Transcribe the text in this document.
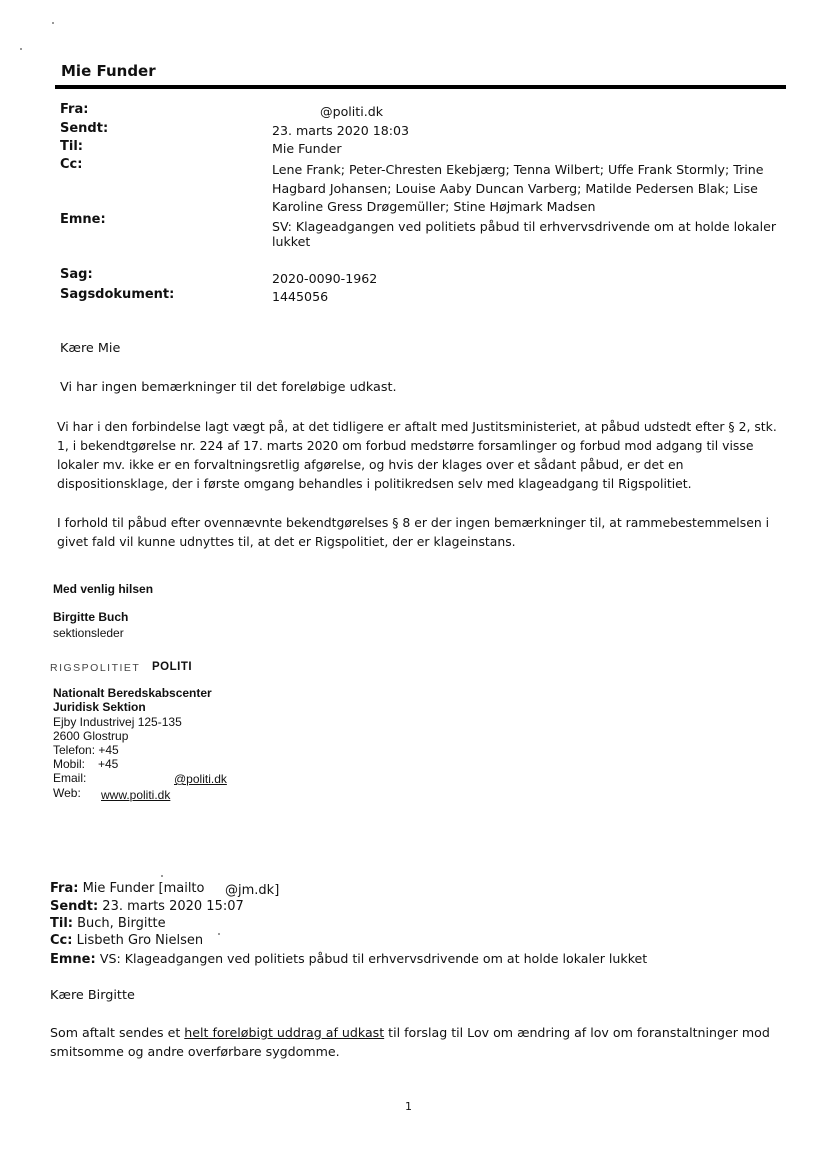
Mie Funder
Fra:	@politi.dk
Sendt:	23. marts 2020 18:03
Til:	Mie Funder
Cc:	Lene Frank; Peter-Chresten Ekebjærg; Tenna Wilbert; Uffe Frank Stormly; Trine
Hagbard Johansen; Louise Aaby Duncan Varberg; Matilde Pedersen Blak; Lise
Karoline Gress Drøgemüller; Stine Højmark Madsen
Emne:	SV: Klageadgangen ved politiets påbud til erhvervsdrivende om at holde lokaler
lukket
Sag:	2020-0090-1962
Sagsdokument:	1445056
Kære Mie
Vi har ingen bemærkninger til det foreløbige udkast.
Vi har i den forbindelse lagt vægt på, at det tidligere er aftalt med Justitsministeriet, at påbud udstedt efter § 2, stk.
1, i bekendtgørelse nr. 224 af 17. marts 2020 om forbud medstørre forsamlinger og forbud mod adgang til visse
lokaler mv. ikke er en forvaltningsretlig afgørelse, og hvis der klages over et sådant påbud, er det en
dispositionsklage, der i første omgang behandles i politikredsen selv med klageadgang til Rigspolitiet.
I forhold til påbud efter ovennævnte bekendtgørelses § 8 er der ingen bemærkninger til, at rammebestemmelsen i
givet fald vil kunne udnyttes til, at det er Rigspolitiet, der er klageinstans.
Med venlig hilsen
Birgitte Buch
sektionsleder
RIGSPOLITIET POLITI
Nationalt Beredskabscenter
Juridisk Sektion
Ejby Industrivej 125-135
2600 Glostrup
Telefon: +45
Mobil: +45
Email:	@politi.dk
Web: www.politi.dk
Fra: Mie Funder [mailto @jm.dk]
Sendt: 23. marts 2020 15:07
Til: Buch, Birgitte
Cc: Lisbeth Gro Nielsen
Emne: VS: Klageadgangen ved politiets påbud til erhvervsdrivende om at holde lokaler lukket
Kære Birgitte
Som aftalt sendes et helt foreløbigt uddrag af udkast til forslag til Lov om ændring af lov om foranstaltninger mod
smitsomme og andre overførbare sygdomme.
1
